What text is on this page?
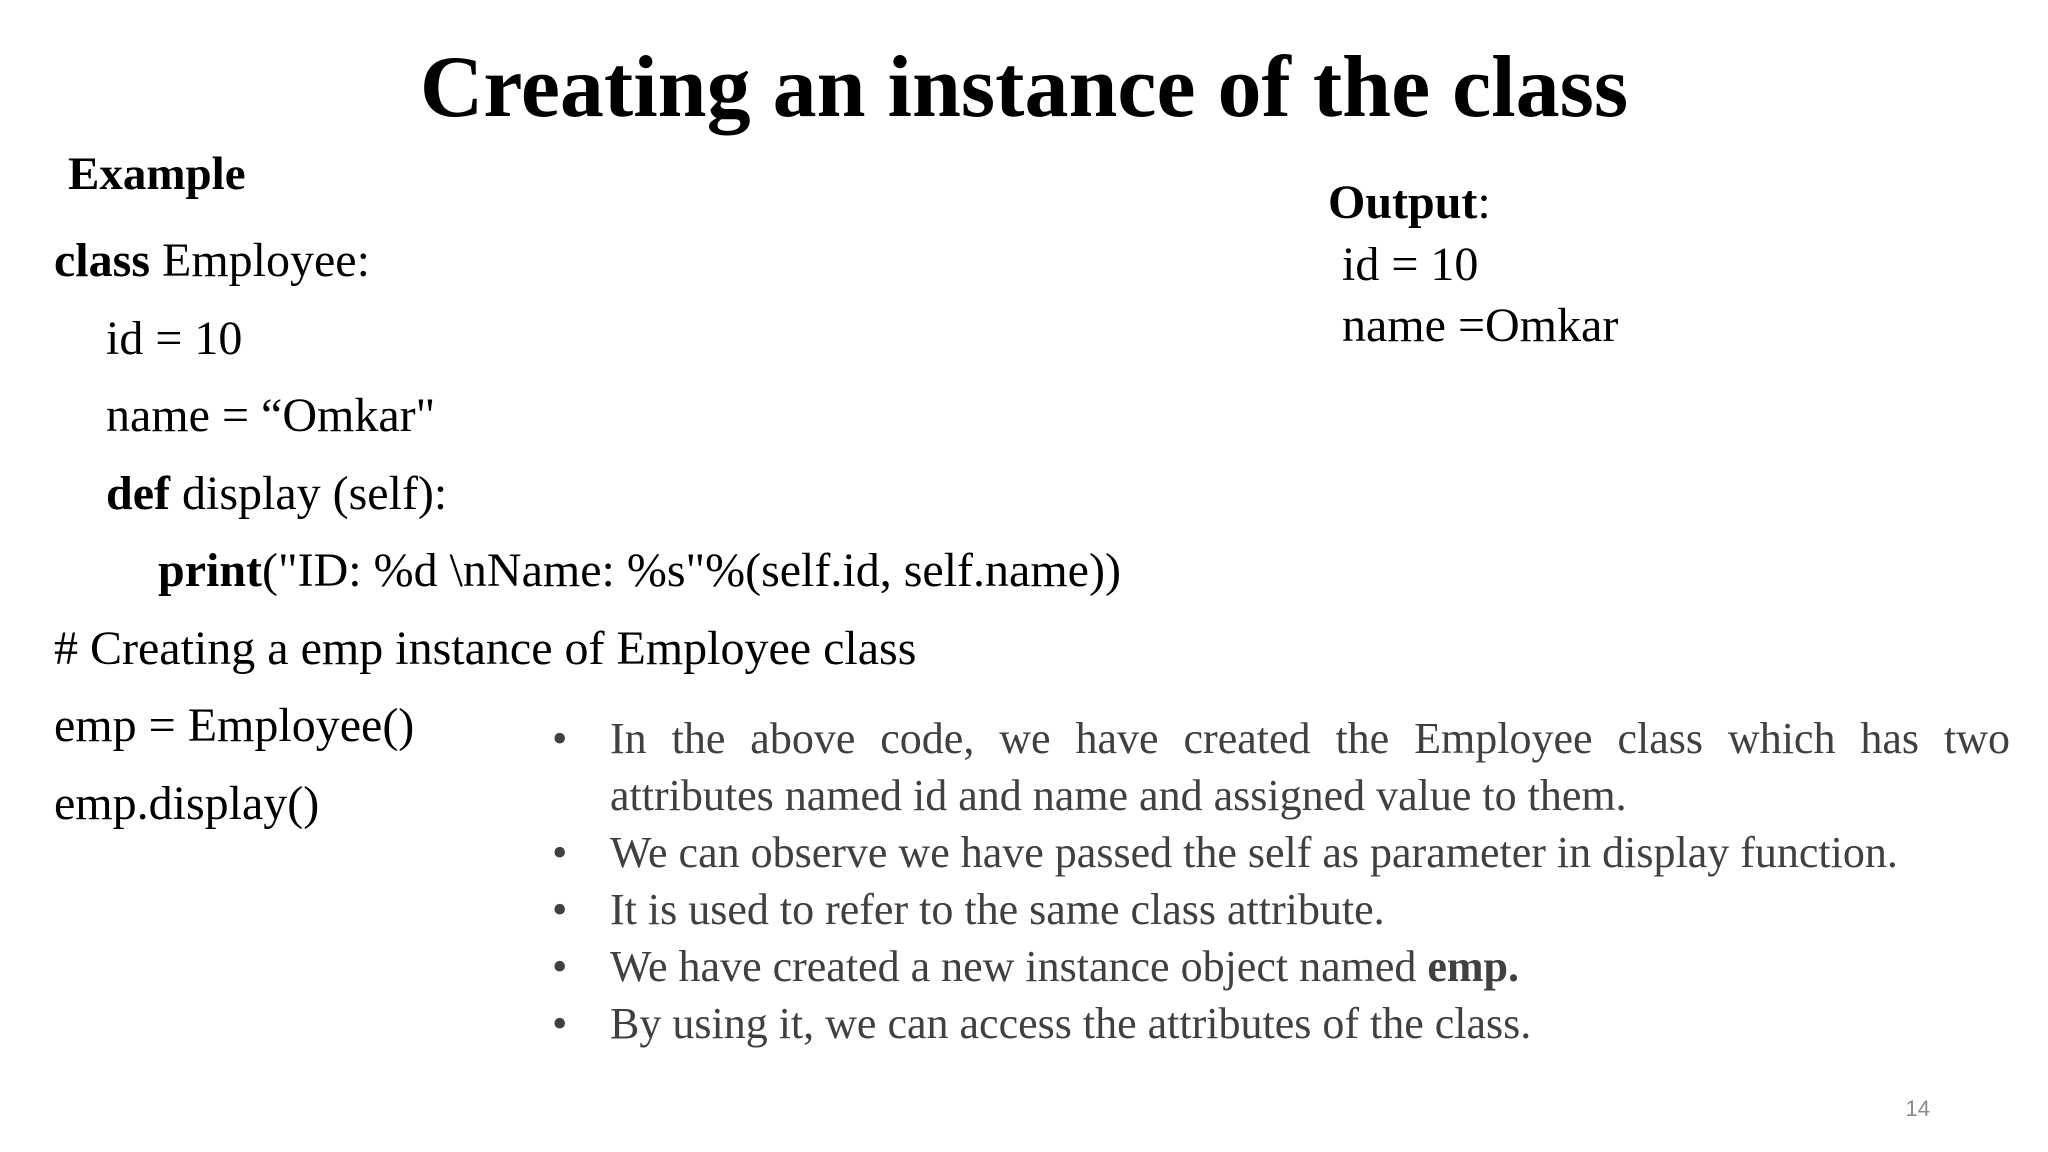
Creating an instance of the class
Example
class Employee:
id = 10
name = “Omkar"
def display (self):
print("ID: %d \nName: %s"%(self.id, self.name))
# Creating a emp instance of Employee class
emp = Employee()
emp.display()
Output:
id = 10
name =Omkar
• In the above code, we have created the Employee class which has two attributes named id and name and assigned value to them.
• We can observe we have passed the self as parameter in display function.
• It is used to refer to the same class attribute.
• We have created a new instance object named emp.
• By using it, we can access the attributes of the class.
14
